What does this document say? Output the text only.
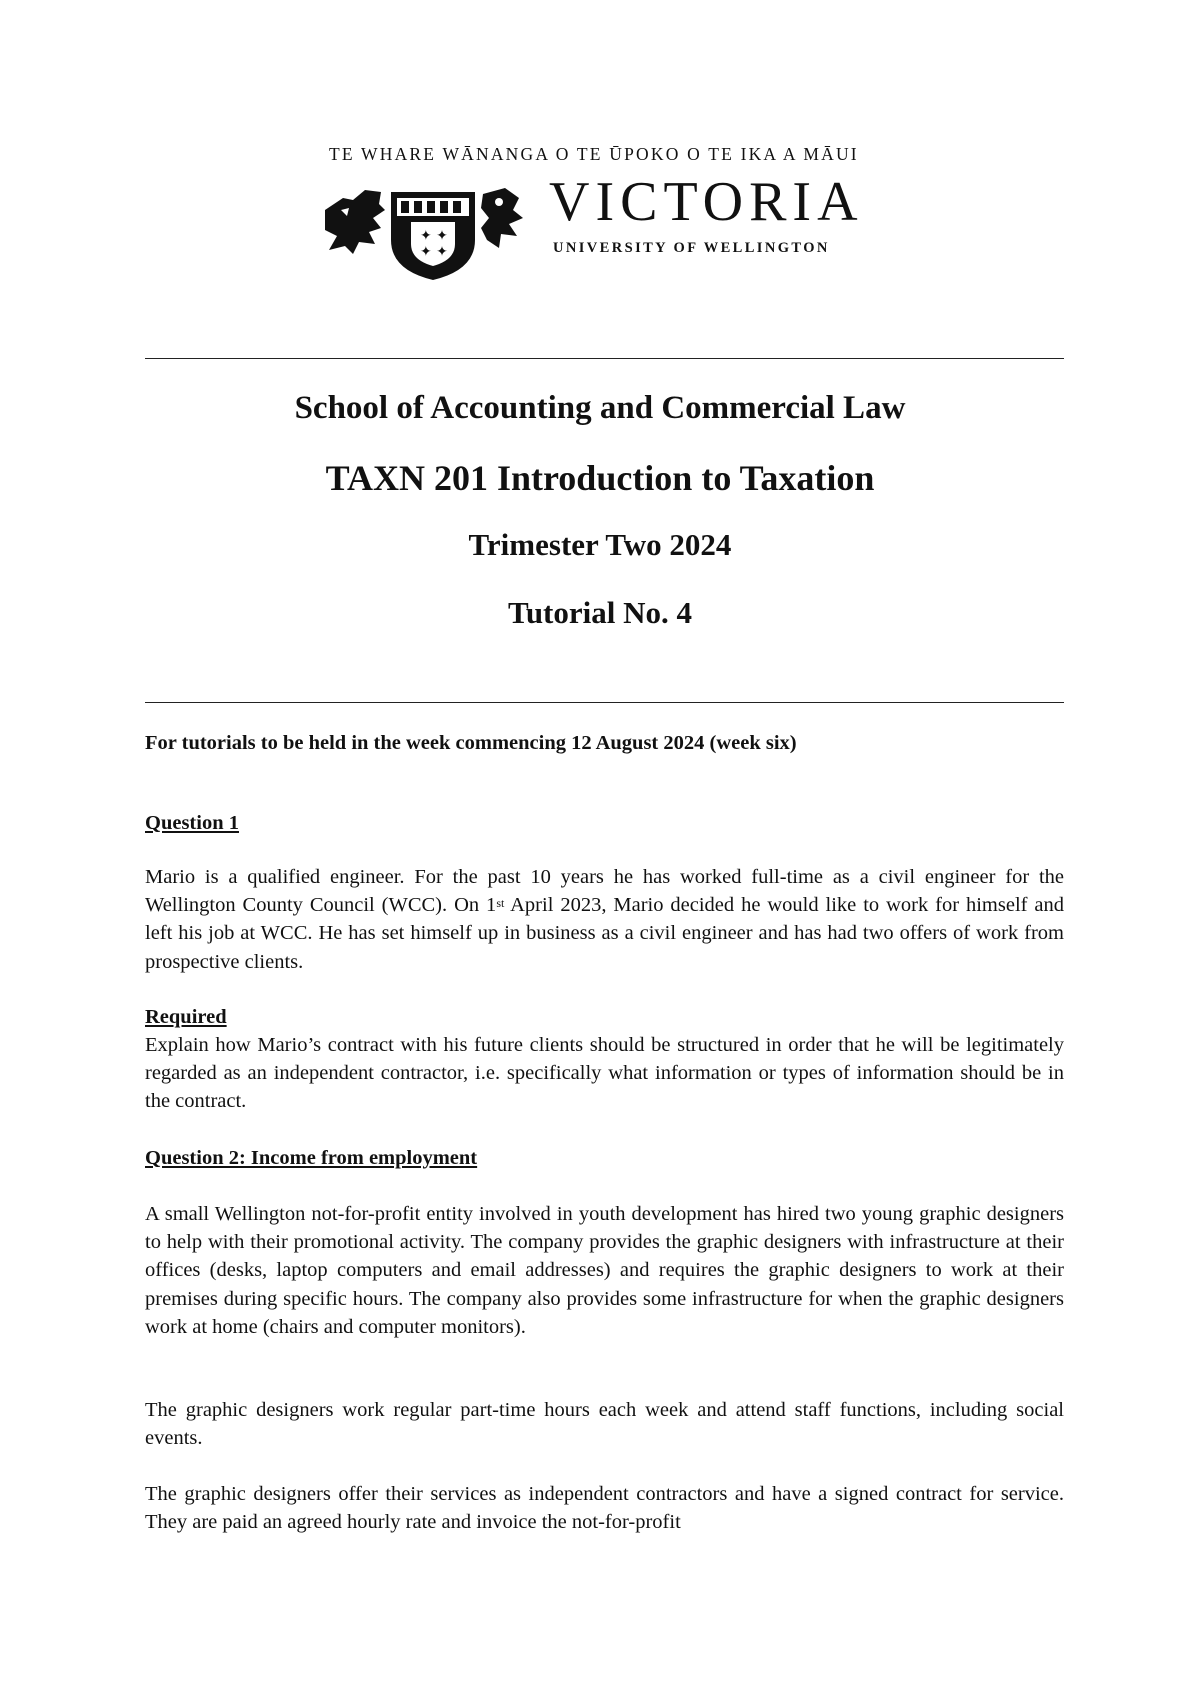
TE WHARE WĀNANGA O TE ŪPOKO O TE IKA A MĀUI
✦ ✦
✦ ✦
VICTORIA
UNIVERSITY OF WELLINGTON
School of Accounting and Commercial Law
TAXN 201 Introduction to Taxation
Trimester Two 2024
Tutorial No. 4
For tutorials to be held in the week commencing 12 August 2024 (week six)
Question 1
Mario is a qualified engineer. For the past 10 years he has worked full-time as a civil engineer for the Wellington County Council (WCC). On 1st April 2023, Mario decided he would like to work for himself and left his job at WCC. He has set himself up in business as a civil engineer and has had two offers of work from prospective clients.
Required
Explain how Mario’s contract with his future clients should be structured in order that he will be legitimately regarded as an independent contractor, i.e. specifically what information or types of information should be in the contract.
Question 2: Income from employment
A small Wellington not-for-profit entity involved in youth development has hired two young graphic designers to help with their promotional activity. The company provides the graphic designers with infrastructure at their offices (desks, laptop computers and email addresses) and requires the graphic designers to work at their premises during specific hours. The company also provides some infrastructure for when the graphic designers work at home (chairs and computer monitors).
The graphic designers work regular part-time hours each week and attend staff functions, including social events.
The graphic designers offer their services as independent contractors and have a signed contract for service. They are paid an agreed hourly rate and invoice the not-for-profit
